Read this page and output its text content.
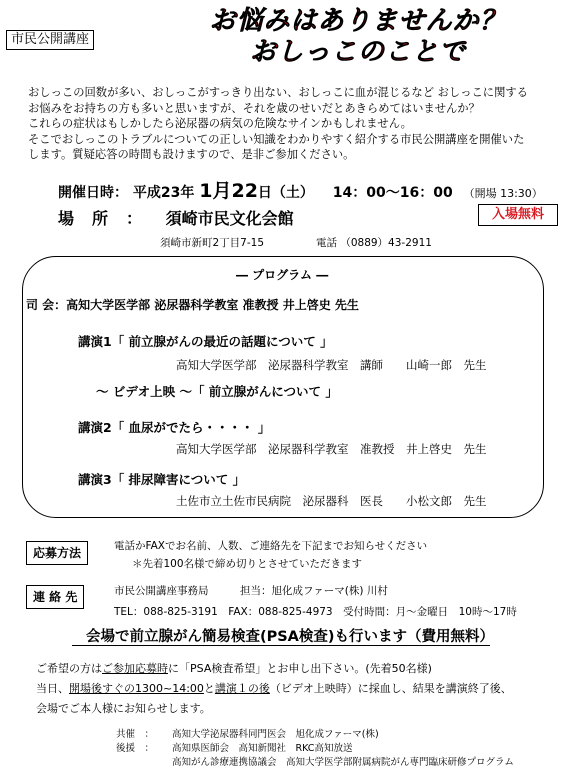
市民公開講座
お悩みはありませんか？
おしっこのことで

おしっこの回数が多い、おしっこがすっきり出ない、おしっこに血が混じるなど おしっこに関する

お悩みをお持ちの方も多いと思いますが、それを歳のせいだとあきらめてはいませんか？

これらの症状はもしかしたら泌尿器の病気の危険なサインかもしれません。

そこでおしっこのトラブルについての正しい知識をわかりやすく紹介する市民公開講座を開催いた

します。質疑応答の時間も設けますので、是非ご参加ください。

開催日時： 平成23年 1月22日（土） 14：00～16：00 （開場 13:30）
場所： 須崎市民文化会館	入場無料
須崎市新町2丁目7-15	電話 （0889）43-2911
― プログラム ―
司 会：高知大学医学部 泌尿器科学教室 准教授 井上啓史 先生
講演1「 前立腺がんの最近の話題について 」
高知大学医学部　泌尿器科学教室　講師　　山崎一郎　先生
～ ビデオ上映 ～「 前立腺がんについて 」
講演2「 血尿がでたら・・・・ 」
高知大学医学部　泌尿器科学教室　准教授　井上啓史　先生
講演3「 排尿障害について 」
土佐市立土佐市民病院　泌尿器科　医長　　小松文郎　先生
応募方法	電話かFAXでお名前、人数、ご連絡先を下記までお知らせください
＊先着100名様で締め切りとさせていただきます
連 絡 先	市民公開講座事務局　　　担当：旭化成ファーマ(株) 川村
TEL：088-825-3191　FAX：088-825-4973　受付時間：月～金曜日　10時～17時
会場で前立腺がん簡易検査(PSA検査)も行います（費用無料）
ご希望の方はご参加応募時に「PSA検査希望」とお申し出下さい。(先着50名様)
当日、開場後すぐの1300~14:00と講演１の後（ビデオ上映時）に採血し、結果を講演終了後、
会場でご本人様にお知らせします。
共催　： 高知大学泌尿器科同門医会　旭化成ファーマ(株)
後援　： 高知県医師会　高知新聞社　RKC高知放送
高知がん診療連携協議会　高知大学医学部附属病院がん専門臨床研修プログラム
